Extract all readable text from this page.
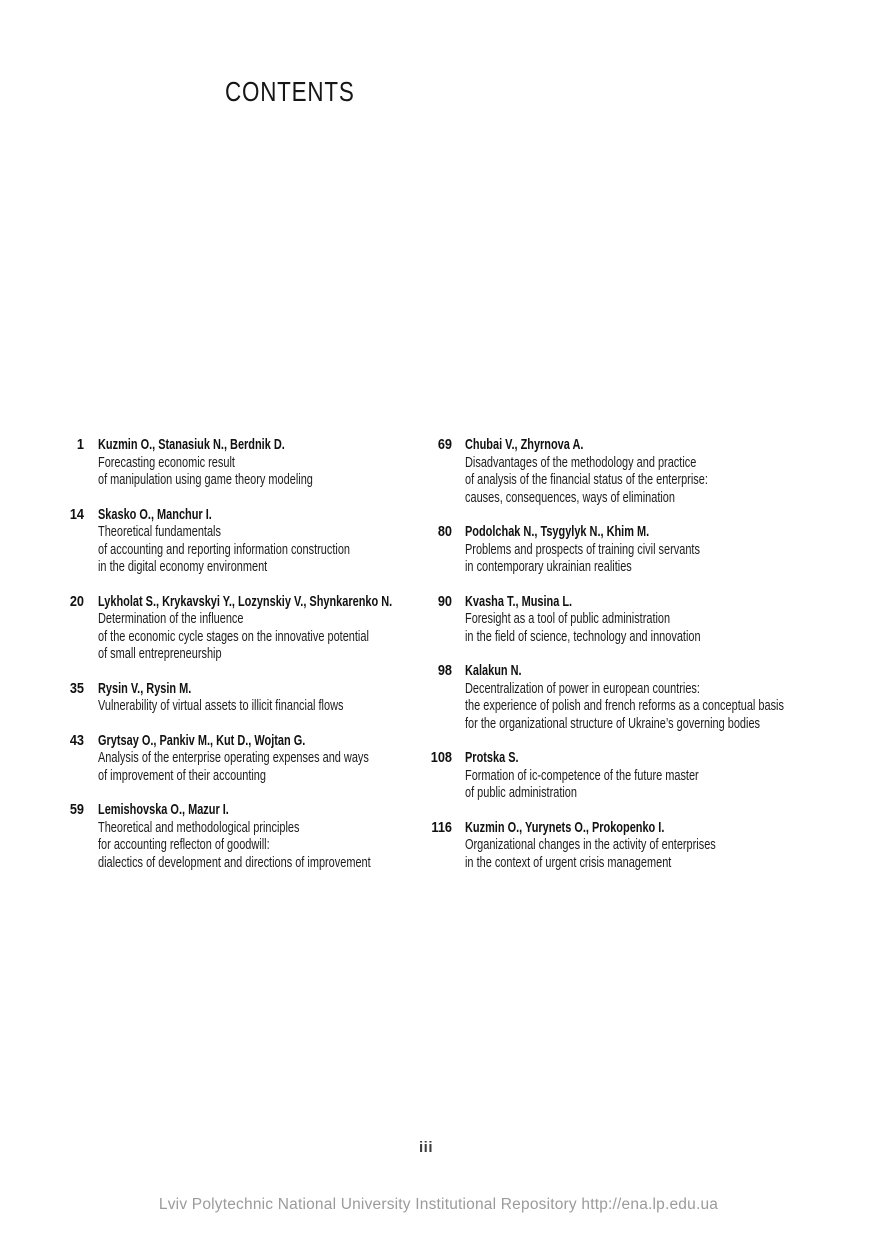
CONTENTS
1 Kuzmin O., Stanasiuk N., Berdnik D.
Forecasting economic result
of manipulation using game theory modeling
14 Skasko O., Manchur I.
Theoretical fundamentals
of accounting and reporting information construction
in the digital economy environment
20 Lykholat S., Krykavskyi Y., Lozynskiy V., Shynkarenko N.
Determination of the influence
of the economic cycle stages on the innovative potential
of small entrepreneurship
35 Rysin V., Rysin M.
Vulnerability of virtual assets to illicit financial flows
43 Grytsay O., Pankiv M., Kut D., Wojtan G.
Analysis of the enterprise operating expenses and ways
of improvement of their accounting
59 Lemishovska O., Mazur I.
Theoretical and methodological principles
for accounting reflecton of goodwill:
dialectics of development and directions of improvement
69 Chubai V., Zhyrnova A.
Disadvantages of the methodology and practice
of analysis of the financial status of the enterprise:
causes, consequences, ways of elimination
80 Podolchak N., Tsygylyk N., Khim M.
Problems and prospects of training civil servants
in contemporary ukrainian realities
90 Kvasha T., Musina L.
Foresight as a tool of public administration
in the field of science, technology and innovation
98 Kalakun N.
Decentralization of power in european countries:
the experience of polish and french reforms as a conceptual basis
for the organizational structure of Ukraine’s governing bodies
108 Protska S.
Formation of ic-competence of the future master
of public administration
116 Kuzmin O., Yurynets O., Prokopenko I.
Organizational changes in the activity of enterprises
in the context of urgent crisis management
iii
Lviv Polytechnic National University Institutional Repository http://ena.lp.edu.ua
